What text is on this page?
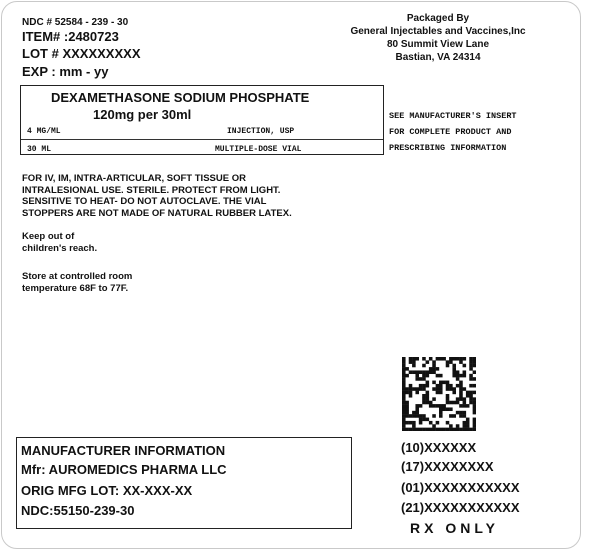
NDC # 52584 - 239 - 30
ITEM# :2480723
LOT # XXXXXXXXX
EXP : mm - yy
Packaged By
General Injectables and Vaccines,Inc
80 Summit View Lane
Bastian, VA 24314
DEXAMETHASONE SODIUM PHOSPHATE
120mg per 30ml
4 MG/ML	INJECTION, USP
30 ML	MULTIPLE-DOSE VIAL
SEE MANUFACTURER'S INSERT
FOR COMPLETE PRODUCT AND
PRESCRIBING INFORMATION
FOR IV, IM, INTRA-ARTICULAR, SOFT TISSUE OR
INTRALESIONAL USE. STERILE. PROTECT FROM LIGHT.
SENSITIVE TO HEAT- DO NOT AUTOCLAVE. THE VIAL
STOPPERS ARE NOT MADE OF NATURAL RUBBER LATEX.
Keep out of
children's reach.
Store at controlled room
temperature 68F to 77F.
MANUFACTURER INFORMATION
Mfr: AUROMEDICS PHARMA LLC
ORIG MFG LOT: XX-XXX-XX
NDC:55150-239-30
(10)XXXXXX
(17)XXXXXXXX
(01)XXXXXXXXXXX
(21)XXXXXXXXXXX
RX ONLY
